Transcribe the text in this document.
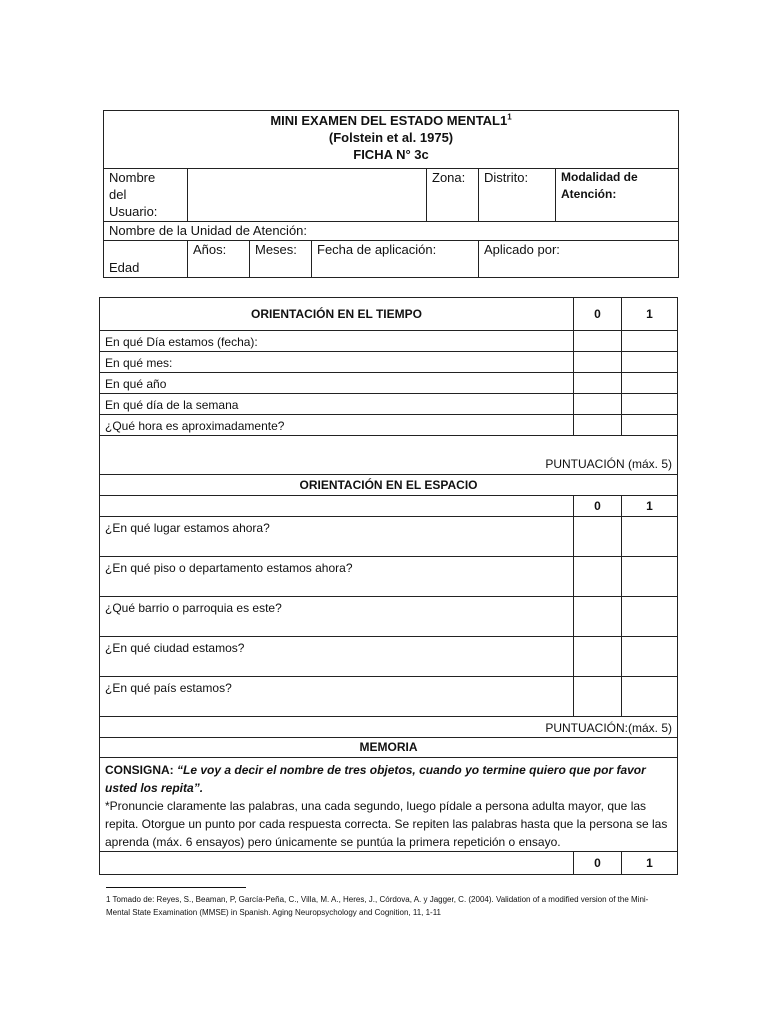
MINI EXAMEN DEL ESTADO $MENTAL1^1$
(Folstein et al. 1975)
FICHA N° 3c						

Nombre del Usuario:				Zona:	Distrito:	Modalidad de Atención:
Nombre de la Unidad de Atención:						
Edad	Años:	Meses:	Fecha de aplicación:		Aplicado por:	
ORIENTACIÓN EN EL TIEMPO	0	1
En qué Día estamos (fecha):		
En qué mes:		
En qué año		
En qué día de la semana		
¿Qué hora es aproximadamente?		
PUNTUACIÓN (máx. 5)		
ORIENTACIÓN EN EL ESPACIO		
	0	1
¿En qué lugar estamos ahora?		
¿En qué piso o departamento estamos ahora?		
¿Qué barrio o parroquia es este?		
¿En qué ciudad estamos?		
¿En qué país estamos?		
PUNTUACIÓN:(máx. 5)		
MEMORIA		
CONSIGNA: “Le voy a decir el nombre de tres objetos, cuando yo termine quiero que por favor usted los repita”.
*Pronuncie claramente las palabras, una cada segundo, luego pídale a persona adulta mayor, que las repita. Otorgue un punto por cada respuesta correcta. Se repiten las palabras hasta que la persona se las aprenda (máx. 6 ensayos) pero únicamente se puntúa la primera repetición o ensayo.		

	0	1
1 Tomado de: Reyes, S., Beaman, P, García-Peña, C., Villa, M. A., Heres, J., Córdova, A. y Jagger, C. (2004). Validation of a modified version of the Mini-Mental State Examination (MMSE) in Spanish. Aging Neuropsychology and Cognition, 11, 1-11
